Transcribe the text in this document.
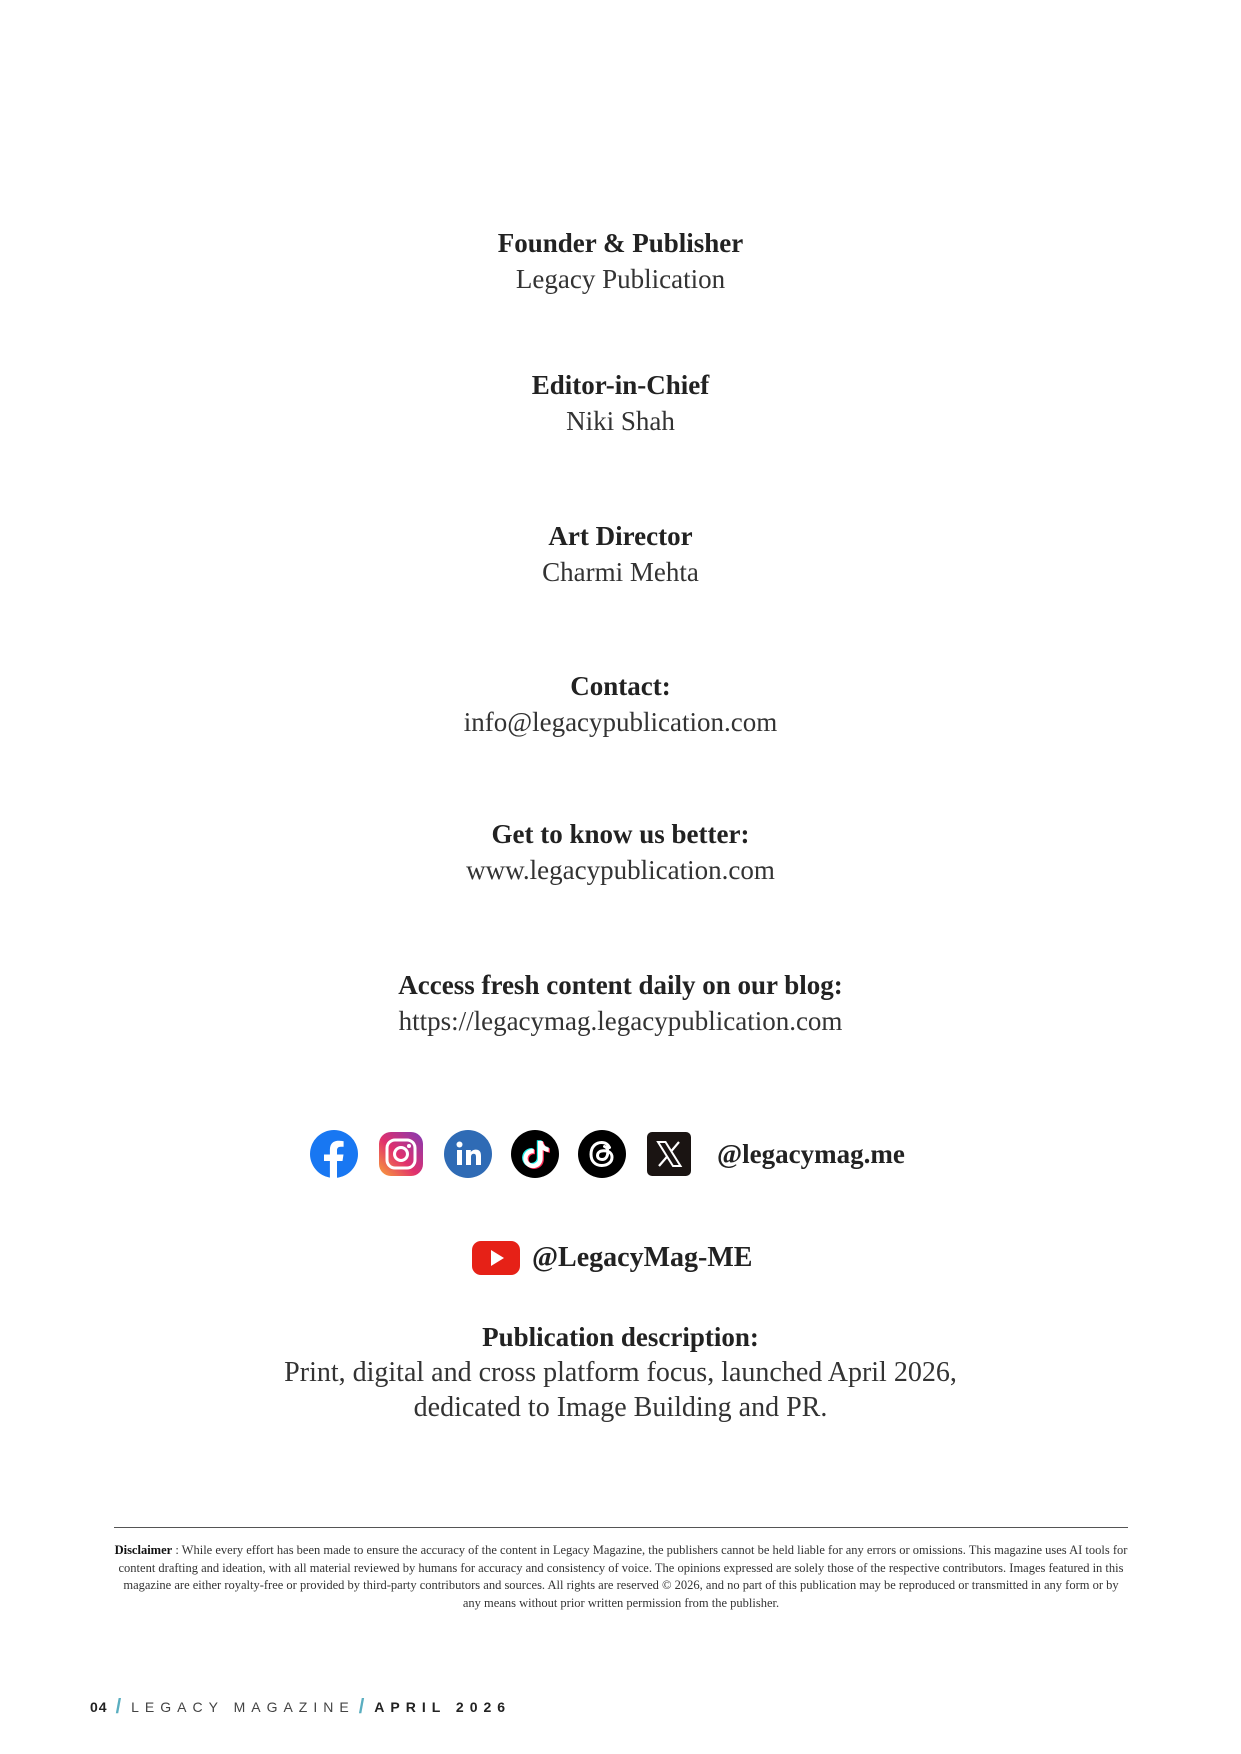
Founder & Publisher
Legacy Publication
Editor-in-Chief
Niki Shah
Art Director
Charmi Mehta
Contact:
info@legacypublication.com
Get to know us better:
www.legacypublication.com
Access fresh content daily on our blog:
https://legacymag.legacypublication.com
@legacymag.me
@LegacyMag-ME
Publication description:
Print, digital and cross platform focus, launched April 2026,
dedicated to Image Building and PR.
Disclaimer : While every effort has been made to ensure the accuracy of the content in Legacy Magazine, the publishers cannot be held liable for any errors or omissions. This magazine uses AI tools for content drafting and ideation, with all material reviewed by humans for accuracy and consistency of voice. The opinions expressed are solely those of the respective contributors. Images featured in this magazine are either royalty-free or provided by third-party contributors and sources. All rights are reserved © 2026, and no part of this publication may be reproduced or transmitted in any form or by any means without prior written permission from the publisher.
04 / LEGACY MAGAZINE / APRIL 2026
